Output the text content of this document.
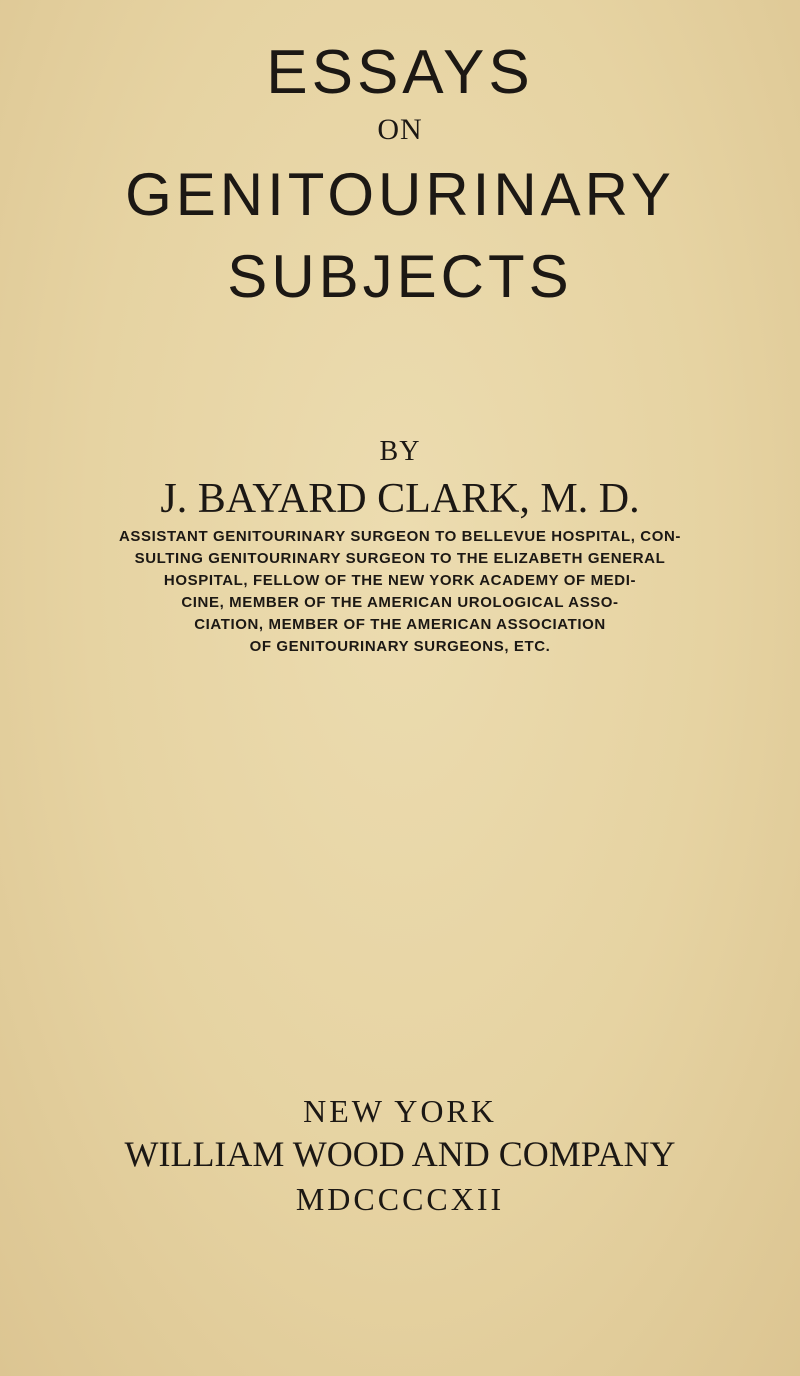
ESSAYS
ON
GENITOURINARY
SUBJECTS
BY
J. BAYARD CLARK, M. D.
ASSISTANT GENITOURINARY SURGEON TO BELLEVUE HOSPITAL, CON-
SULTING GENITOURINARY SURGEON TO THE ELIZABETH GENERAL
HOSPITAL, FELLOW OF THE NEW YORK ACADEMY OF MEDI-
CINE, MEMBER OF THE AMERICAN UROLOGICAL ASSO-
CIATION, MEMBER OF THE AMERICAN ASSOCIATION
OF GENITOURINARY SURGEONS, ETC.
NEW YORK
WILLIAM WOOD AND COMPANY
MDCCCCXII
